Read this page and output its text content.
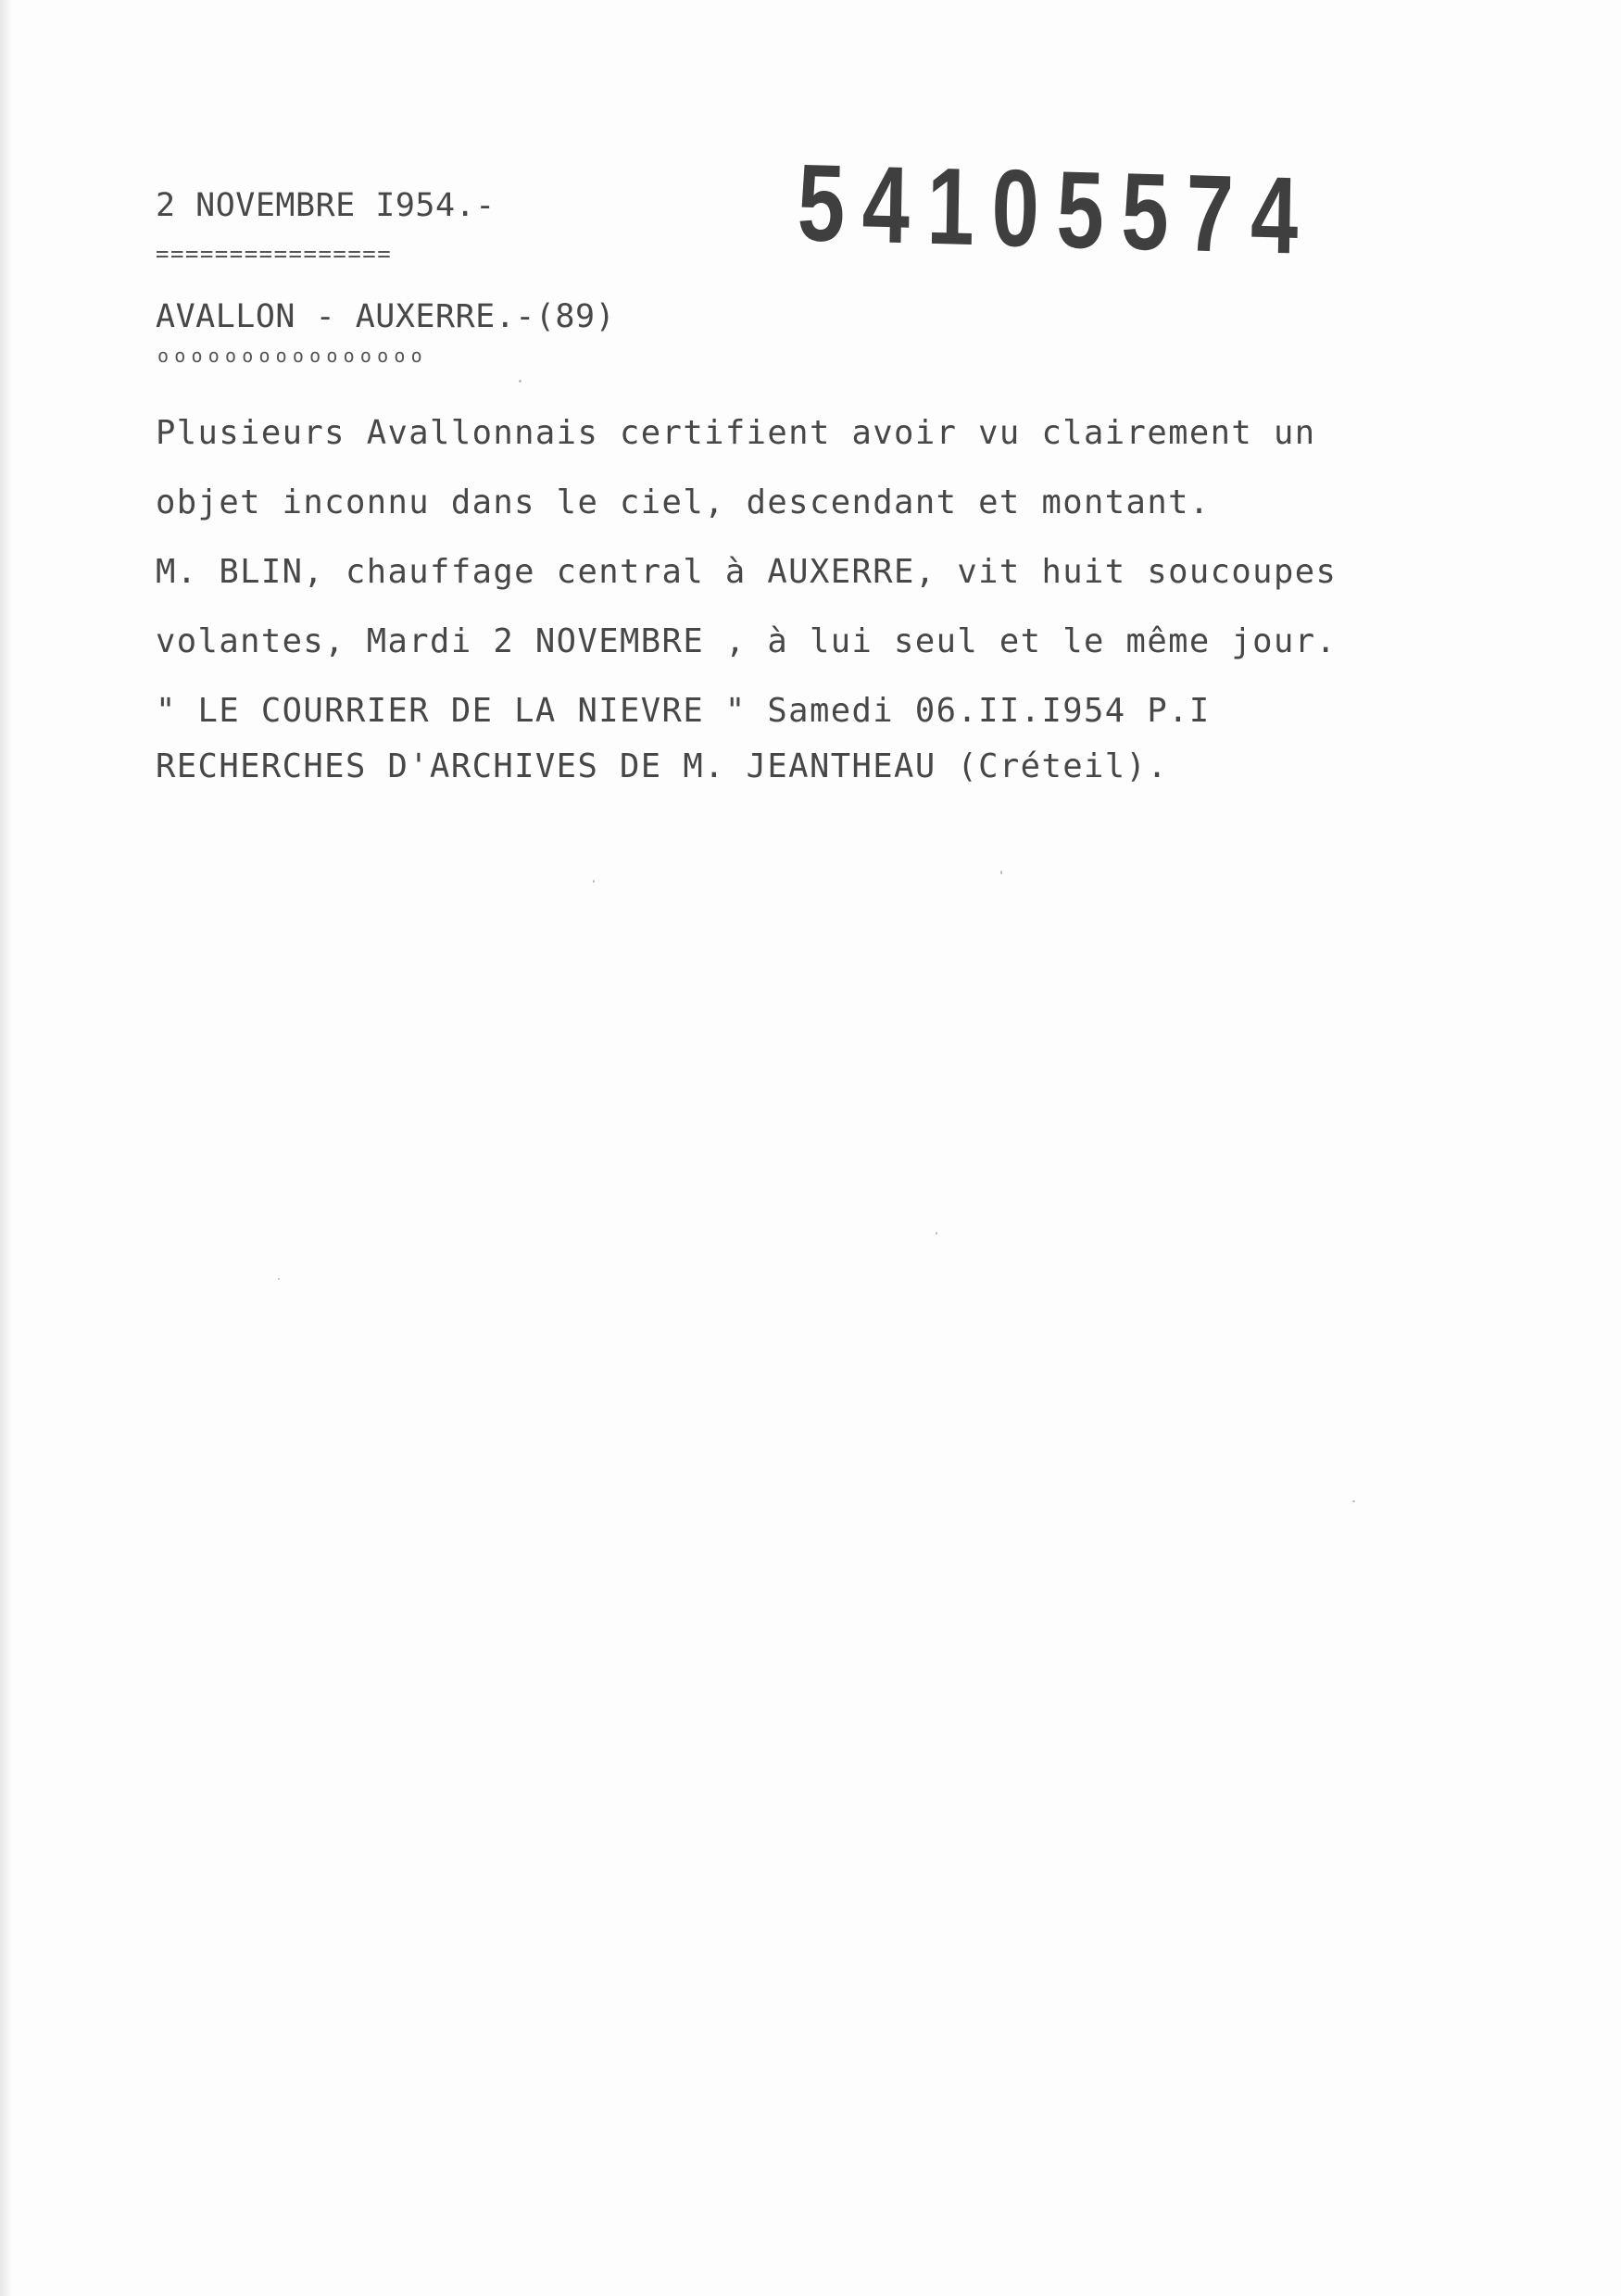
2 NOVEMBRE I954.-
================
AVALLON - AUXERRE.-(89)
oooooooooooooooo
54105574
Plusieurs Avallonnais certifient avoir vu clairement un
objet inconnu dans le ciel, descendant et montant.
M. BLIN, chauffage central à AUXERRE, vit huit soucoupes
volantes, Mardi 2 NOVEMBRE , à lui seul et le même jour.
" LE COURRIER DE LA NIEVRE " Samedi 06.II.I954 P.I
RECHERCHES D'ARCHIVES DE M. JEANTHEAU (Créteil).
